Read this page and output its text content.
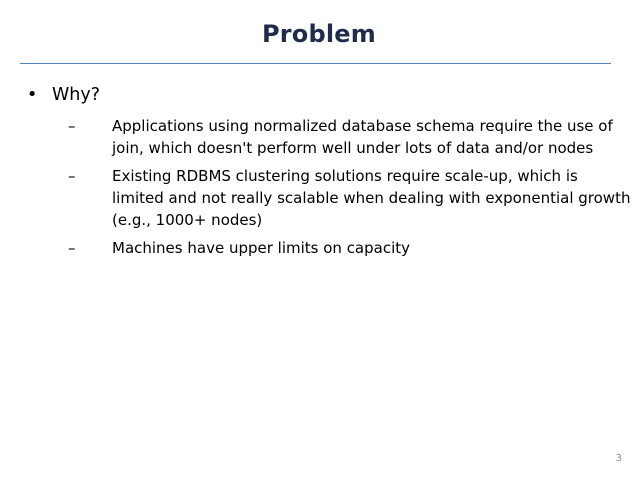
Problem
• Why?
– Applications using normalized database schema require the use of join, which doesn't perform well under lots of data and/or nodes
– Existing RDBMS clustering solutions require scale-up, which is limited and not really scalable when dealing with exponential growth (e.g., 1000+ nodes)
– Machines have upper limits on capacity
3
